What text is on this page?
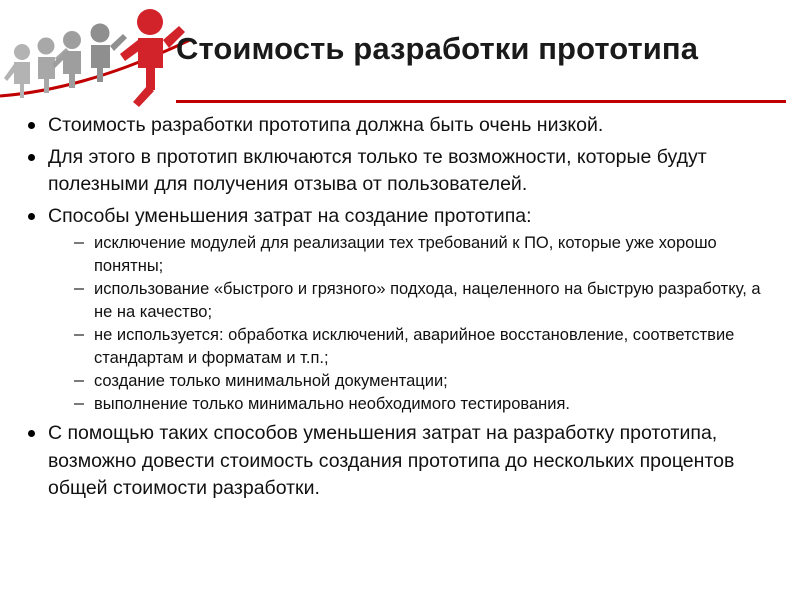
Стоимость разработки прототипа
Стоимость разработки прототипа должна быть очень низкой.
Для этого в прототип включаются только те возможности, которые будут полезными для получения отзыва от пользователей.
Способы уменьшения затрат на создание прототипа:
исключение модулей для реализации тех требований к ПО, которые уже хорошо понятны;
использование «быстрого и грязного» подхода, нацеленного на быструю разработку, а не на качество;
не используется: обработка исключений, аварийное восстановление, соответствие стандартам и форматам и т.п.;
создание только минимальной документации;
выполнение только минимально необходимого тестирования.
С помощью таких способов уменьшения затрат на разработку прототипа, возможно довести стоимость создания прототипа до нескольких процентов общей стоимости разработки.
